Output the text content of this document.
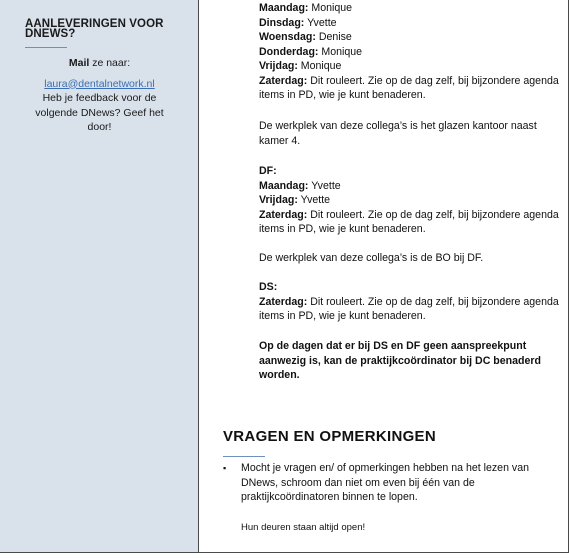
AANLEVERINGEN VOOR DNEWS?
Mail ze naar:
laura@dentalnetwork.nl
Heb je feedback voor de volgende DNews? Geef het door!
Maandag: Monique
Dinsdag: Yvette
Woensdag: Denise
Donderdag: Monique
Vrijdag: Monique
Zaterdag: Dit rouleert. Zie op de dag zelf, bij bijzondere agenda items in PD, wie je kunt benaderen.
De werkplek van deze collega’s is het glazen kantoor naast kamer 4.
DF:
Maandag: Yvette
Vrijdag: Yvette
Zaterdag: Dit rouleert. Zie op de dag zelf, bij bijzondere agenda items in PD, wie je kunt benaderen.
De werkplek van deze collega’s is de BO bij DF.
DS:
Zaterdag: Dit rouleert. Zie op de dag zelf, bij bijzondere agenda items in PD, wie je kunt benaderen.
Op de dagen dat er bij DS en DF geen aanspreekpunt aanwezig is, kan de praktijkcoördinator bij DC benaderd worden.
VRAGEN EN OPMERKINGEN
▪ Mocht je vragen en/ of opmerkingen hebben na het lezen van DNews, schroom dan niet om even bij één van de praktijkcoördinatoren binnen te lopen.
Hun deuren staan altijd open!
